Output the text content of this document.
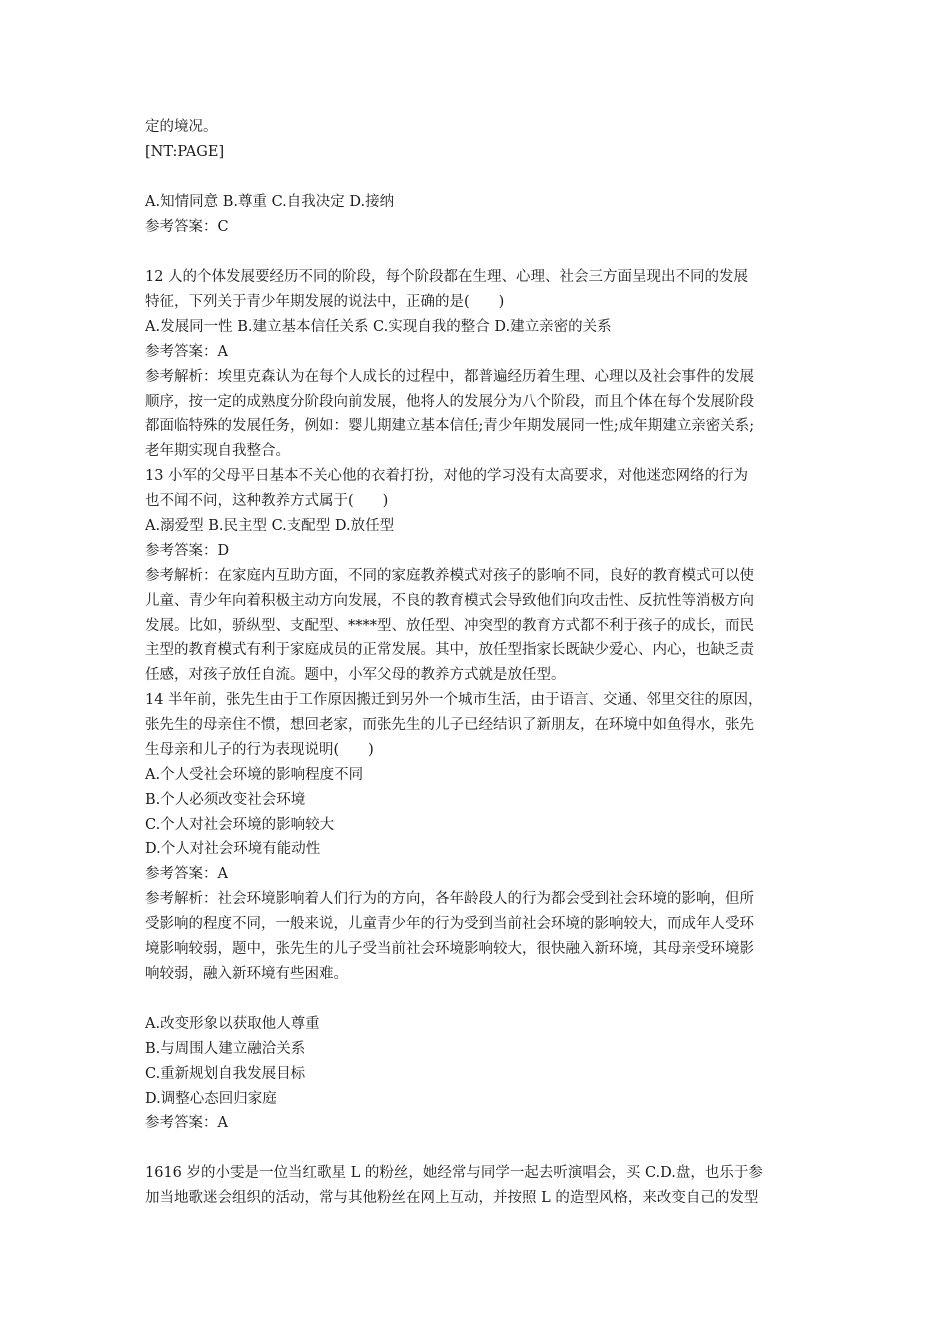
定的境况。
[NT:PAGE]
A.知情同意 B.尊重 C.自我决定 D.接纳
参考答案：C
12 人的个体发展要经历不同的阶段，每个阶段都在生理、心理、社会三方面呈现出不同的发展
特征，下列关于青少年期发展的说法中，正确的是(　　)
A.发展同一性 B.建立基本信任关系 C.实现自我的整合 D.建立亲密的关系
参考答案：A
参考解析：埃里克森认为在每个人成长的过程中，都普遍经历着生理、心理以及社会事件的发展
顺序，按一定的成熟度分阶段向前发展，他将人的发展分为八个阶段，而且个体在每个发展阶段
都面临特殊的发展任务，例如：婴儿期建立基本信任;青少年期发展同一性;成年期建立亲密关系;
老年期实现自我整合。
13 小军的父母平日基本不关心他的衣着打扮，对他的学习没有太高要求，对他迷恋网络的行为
也不闻不问，这种教养方式属于(　　)
A.溺爱型 B.民主型 C.支配型 D.放任型
参考答案：D
参考解析：在家庭内互助方面，不同的家庭教养模式对孩子的影响不同，良好的教育模式可以使
儿童、青少年向着积极主动方向发展，不良的教育模式会导致他们向攻击性、反抗性等消极方向
发展。比如，骄纵型、支配型、****型、放任型、冲突型的教育方式都不利于孩子的成长，而民
主型的教育模式有利于家庭成员的正常发展。其中，放任型指家长既缺少爱心、内心，也缺乏责
任感，对孩子放任自流。题中，小军父母的教养方式就是放任型。
14 半年前，张先生由于工作原因搬迁到另外一个城市生活，由于语言、交通、邻里交往的原因，
张先生的母亲住不惯，想回老家，而张先生的儿子已经结识了新朋友，在环境中如鱼得水，张先
生母亲和儿子的行为表现说明(　　)
A.个人受社会环境的影响程度不同
B.个人必须改变社会环境
C.个人对社会环境的影响较大
D.个人对社会环境有能动性
参考答案：A
参考解析：社会环境影响着人们行为的方向，各年龄段人的行为都会受到社会环境的影响，但所
受影响的程度不同，一般来说，儿童青少年的行为受到当前社会环境的影响较大，而成年人受环
境影响较弱，题中，张先生的儿子受当前社会环境影响较大，很快融入新环境，其母亲受环境影
响较弱，融入新环境有些困难。
A.改变形象以获取他人尊重
B.与周围人建立融洽关系
C.重新规划自我发展目标
D.调整心态回归家庭
参考答案：A
1616 岁的小雯是一位当红歌星 L 的粉丝，她经常与同学一起去听演唱会，买 C.D.盘，也乐于参
加当地歌迷会组织的活动，常与其他粉丝在网上互动，并按照 L 的造型风格，来改变自己的发型
